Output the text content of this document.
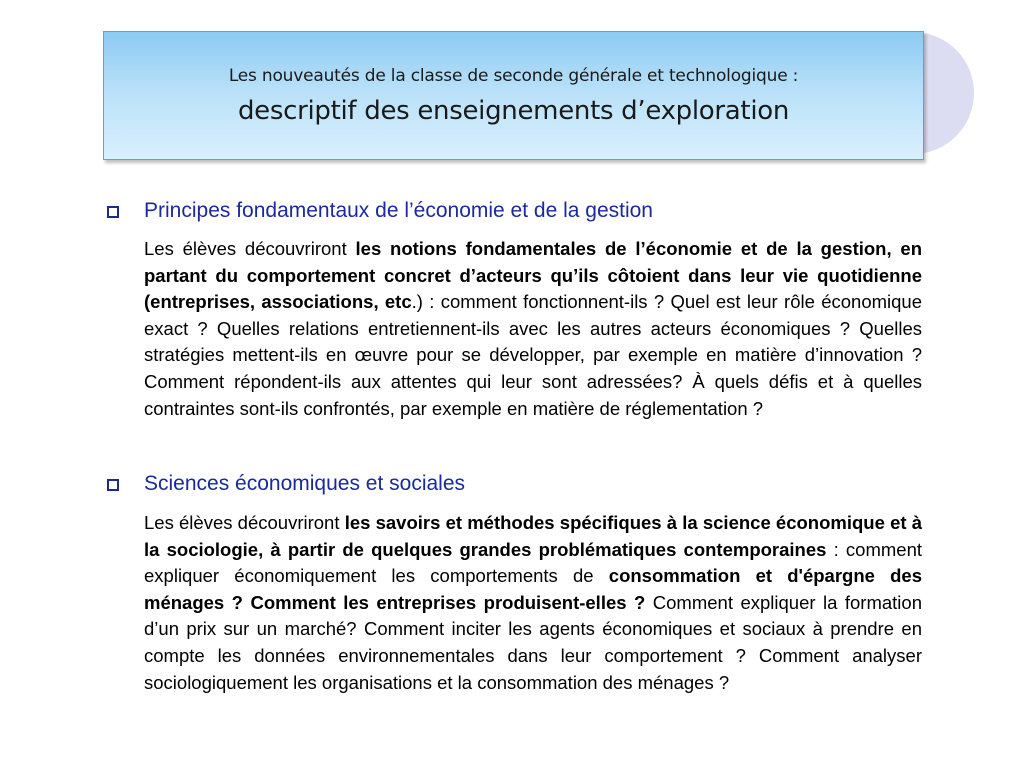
Les nouveautés de la classe de seconde générale et technologique :
descriptif des enseignements d’exploration
Principes fondamentaux de l’économie et de la gestion

Les élèves découvriront les notions fondamentales de l’économie et de la gestion, en partant du comportement concret d’acteurs qu’ils côtoient dans leur vie quotidienne (entreprises, associations, etc.) : comment fonctionnent-ils ? Quel est leur rôle économique exact ? Quelles relations entretiennent-ils avec les autres acteurs économiques ? Quelles stratégies mettent-ils en œuvre pour se développer, par exemple en matière d’innovation ? Comment répondent-ils aux attentes qui leur sont adressées? À quels défis et à quelles contraintes sont-ils confrontés, par exemple en matière de réglementation ?

Sciences économiques et sociales

Les élèves découvriront les savoirs et méthodes spécifiques à la science économique et à la sociologie, à partir de quelques grandes problématiques contemporaines : comment expliquer économiquement les comportements de consommation et d'épargne des ménages ? Comment les entreprises produisent-elles ? Comment expliquer la formation d’un prix sur un marché? Comment inciter les agents économiques et sociaux à prendre en compte les données environnementales dans leur comportement ? Comment analyser sociologiquement les organisations et la consommation des ménages ?
